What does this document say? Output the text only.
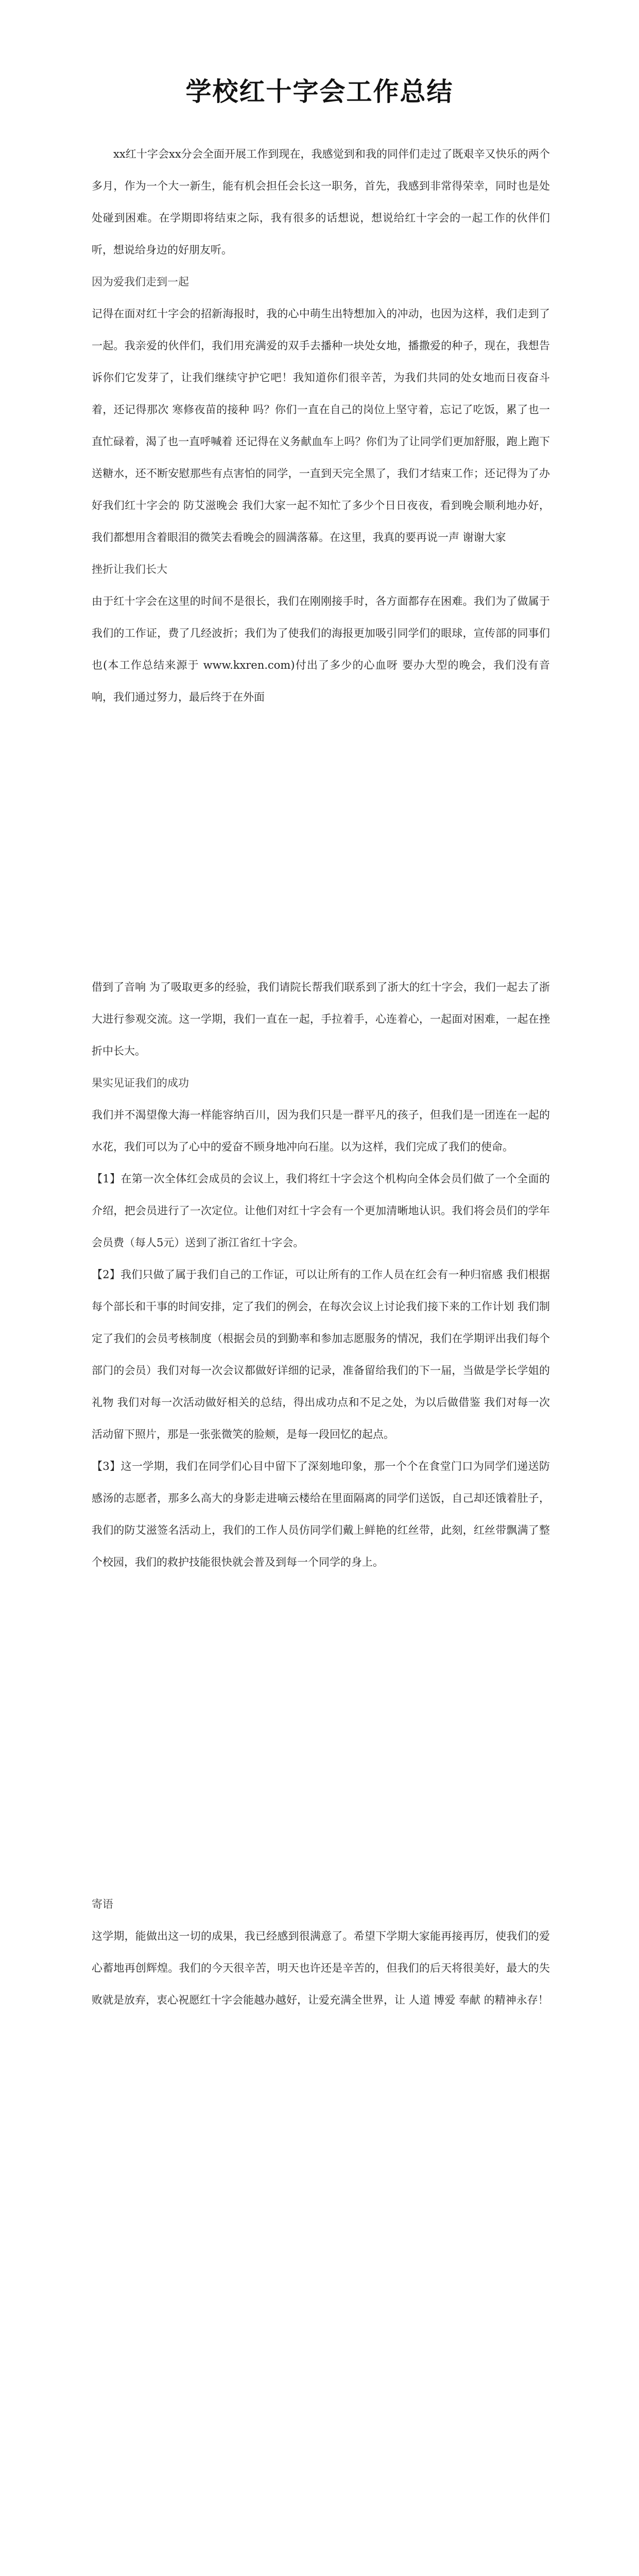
学校红十字会工作总结

xx红十字会xx分会全面开展工作到现在，我感觉到和我的同伴们走过了既艰辛又快乐的两个多月，作为一个大一新生，能有机会担任会长这一职务，首先，我感到非常得荣幸，同时也是处处碰到困难。在学期即将结束之际，我有很多的话想说，想说给红十字会的一起工作的伙伴们听，想说给身边的好朋友听。

因为爱我们走到一起

记得在面对红十字会的招新海报时，我的心中萌生出特想加入的冲动，也因为这样，我们走到了一起。我亲爱的伙伴们，我们用充满爱的双手去播种一块处女地，播撒爱的种子，现在，我想告诉你们它发芽了，让我们继续守护它吧！我知道你们很辛苦，为我们共同的处女地而日夜奋斗着，还记得那次 寒修夜苗的接种 吗？你们一直在自己的岗位上坚守着，忘记了吃饭，累了也一直忙碌着，渴了也一直呼喊着 还记得在义务献血车上吗？你们为了让同学们更加舒服，跑上跑下送糖水，还不断安慰那些有点害怕的同学，一直到天完全黑了，我们才结束工作；还记得为了办好我们红十字会的 防艾滋晚会 我们大家一起不知忙了多少个日日夜夜，看到晚会顺利地办好，我们都想用含着眼泪的微笑去看晚会的圆满落幕。在这里，我真的要再说一声 谢谢大家

挫折让我们长大

由于红十字会在这里的时间不是很长，我们在刚刚接手时，各方面都存在困难。我们为了做属于我们的工作证，费了几经波折；我们为了使我们的海报更加吸引同学们的眼球，宣传部的同事们也(本工作总结来源于 www.kxren.com)付出了多少的心血呀 要办大型的晚会，我们没有音响，我们通过努力，最后终于在外面

借到了音响 为了吸取更多的经验，我们请院长帮我们联系到了浙大的红十字会，我们一起去了浙大进行参观交流。这一学期，我们一直在一起，手拉着手，心连着心，一起面对困难，一起在挫折中长大。

果实见证我们的成功

我们并不渴望像大海一样能容纳百川，因为我们只是一群平凡的孩子，但我们是一团连在一起的水花，我们可以为了心中的爱奋不顾身地冲向石崖。以为这样，我们完成了我们的使命。

【1】在第一次全体红会成员的会议上，我们将红十字会这个机构向全体会员们做了一个全面的介绍，把会员进行了一次定位。让他们对红十字会有一个更加清晰地认识。我们将会员们的学年会员费（每人5元）送到了浙江省红十字会。

【2】我们只做了属于我们自己的工作证，可以让所有的工作人员在红会有一种归宿感 我们根据每个部长和干事的时间安排，定了我们的例会，在每次会议上讨论我们接下来的工作计划 我们制定了我们的会员考核制度（根据会员的到勤率和参加志愿服务的情况，我们在学期评出我们每个部门的会员）我们对每一次会议都做好详细的记录，准备留给我们的下一届，当做是学长学姐的礼物 我们对每一次活动做好相关的总结，得出成功点和不足之处，为以后做借鉴 我们对每一次活动留下照片，那是一张张微笑的脸颊，是每一段回忆的起点。

【3】这一学期，我们在同学们心目中留下了深刻地印象，那一个个在食堂门口为同学们递送防感汤的志愿者，那多么高大的身影走进嘀云楼给在里面隔离的同学们送饭，自己却还饿着肚子，我们的防艾滋签名活动上，我们的工作人员仿同学们戴上鲜艳的红丝带，此刻，红丝带飘满了整个校园，我们的救护技能很快就会普及到每一个同学的身上。

寄语

这学期，能做出这一切的成果，我已经感到很满意了。希望下学期大家能再接再厉，使我们的爱心蓄地再创辉煌。我们的今天很辛苦，明天也许还是辛苦的，但我们的后天将很美好，最大的失败就是放弃，衷心祝愿红十字会能越办越好，让爱充满全世界，让 人道 博爱 奉献 的精神永存！
